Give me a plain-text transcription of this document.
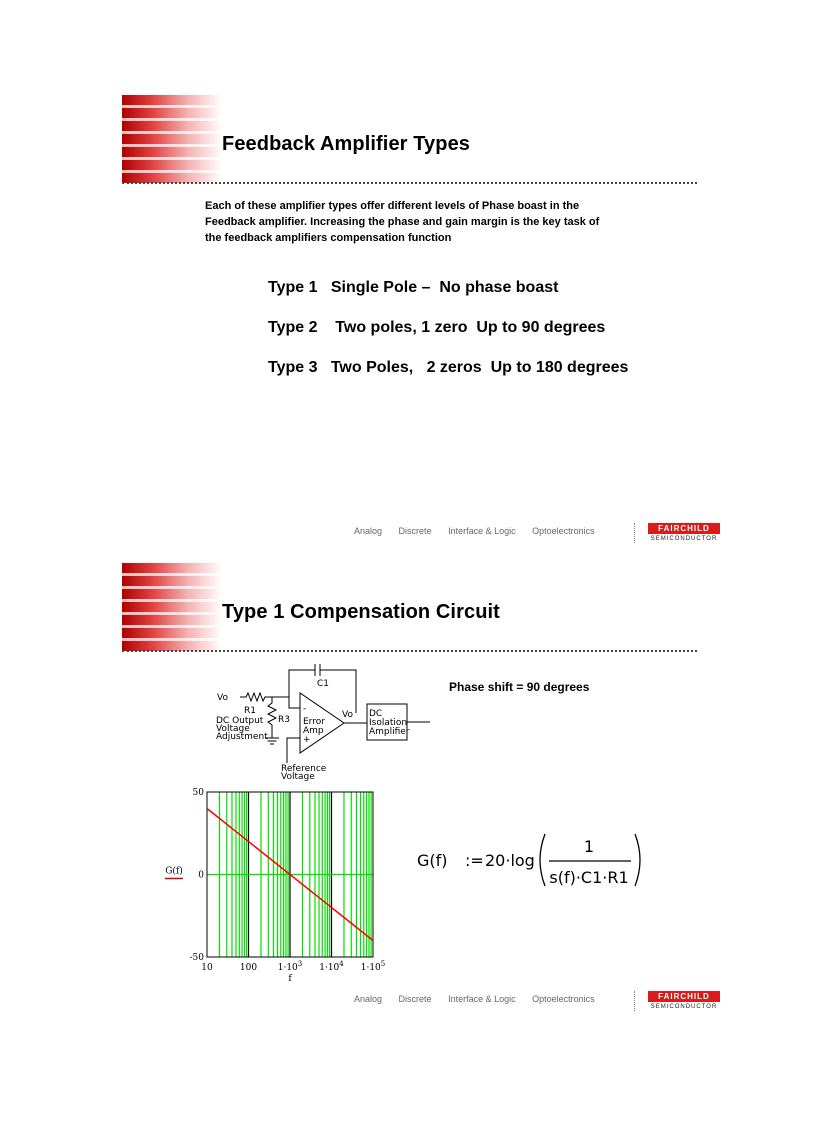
Feedback Amplifier Types

Each of these amplifier types offer different levels of Phase boast in the
Feedback amplifier. Increasing the phase and gain margin is the key task of
the feedback amplifiers compensation function

Type 1 Single Pole –  No phase boast

Type 2    Two poles, 1 zero  Up to 90 degrees

Type 3 Two Poles,   2 zeros  Up to 180 degrees

Analog Discrete Interface & Logic Optoelectronics	FAIRCHILD
SEMICONDUCTOR
Type 1 Compensation Circuit
Vo
R1
C1
R3
-
+
Error
Amp
Vo
DC Output
Voltage
Adjustment
Reference
Voltage
DC
Isolation
Amplifier

Phase shift = 90 degrees

50
0
-50
10	100 $1\cdot 10^3$ $1\cdot 10^4$ $1\cdot 10^5$
f
G(f)
G(f) := 20·log
1
s(f)·C1·R1
Analog Discrete Interface & Logic Optoelectronics	FAIRCHILD
SEMICONDUCTOR
